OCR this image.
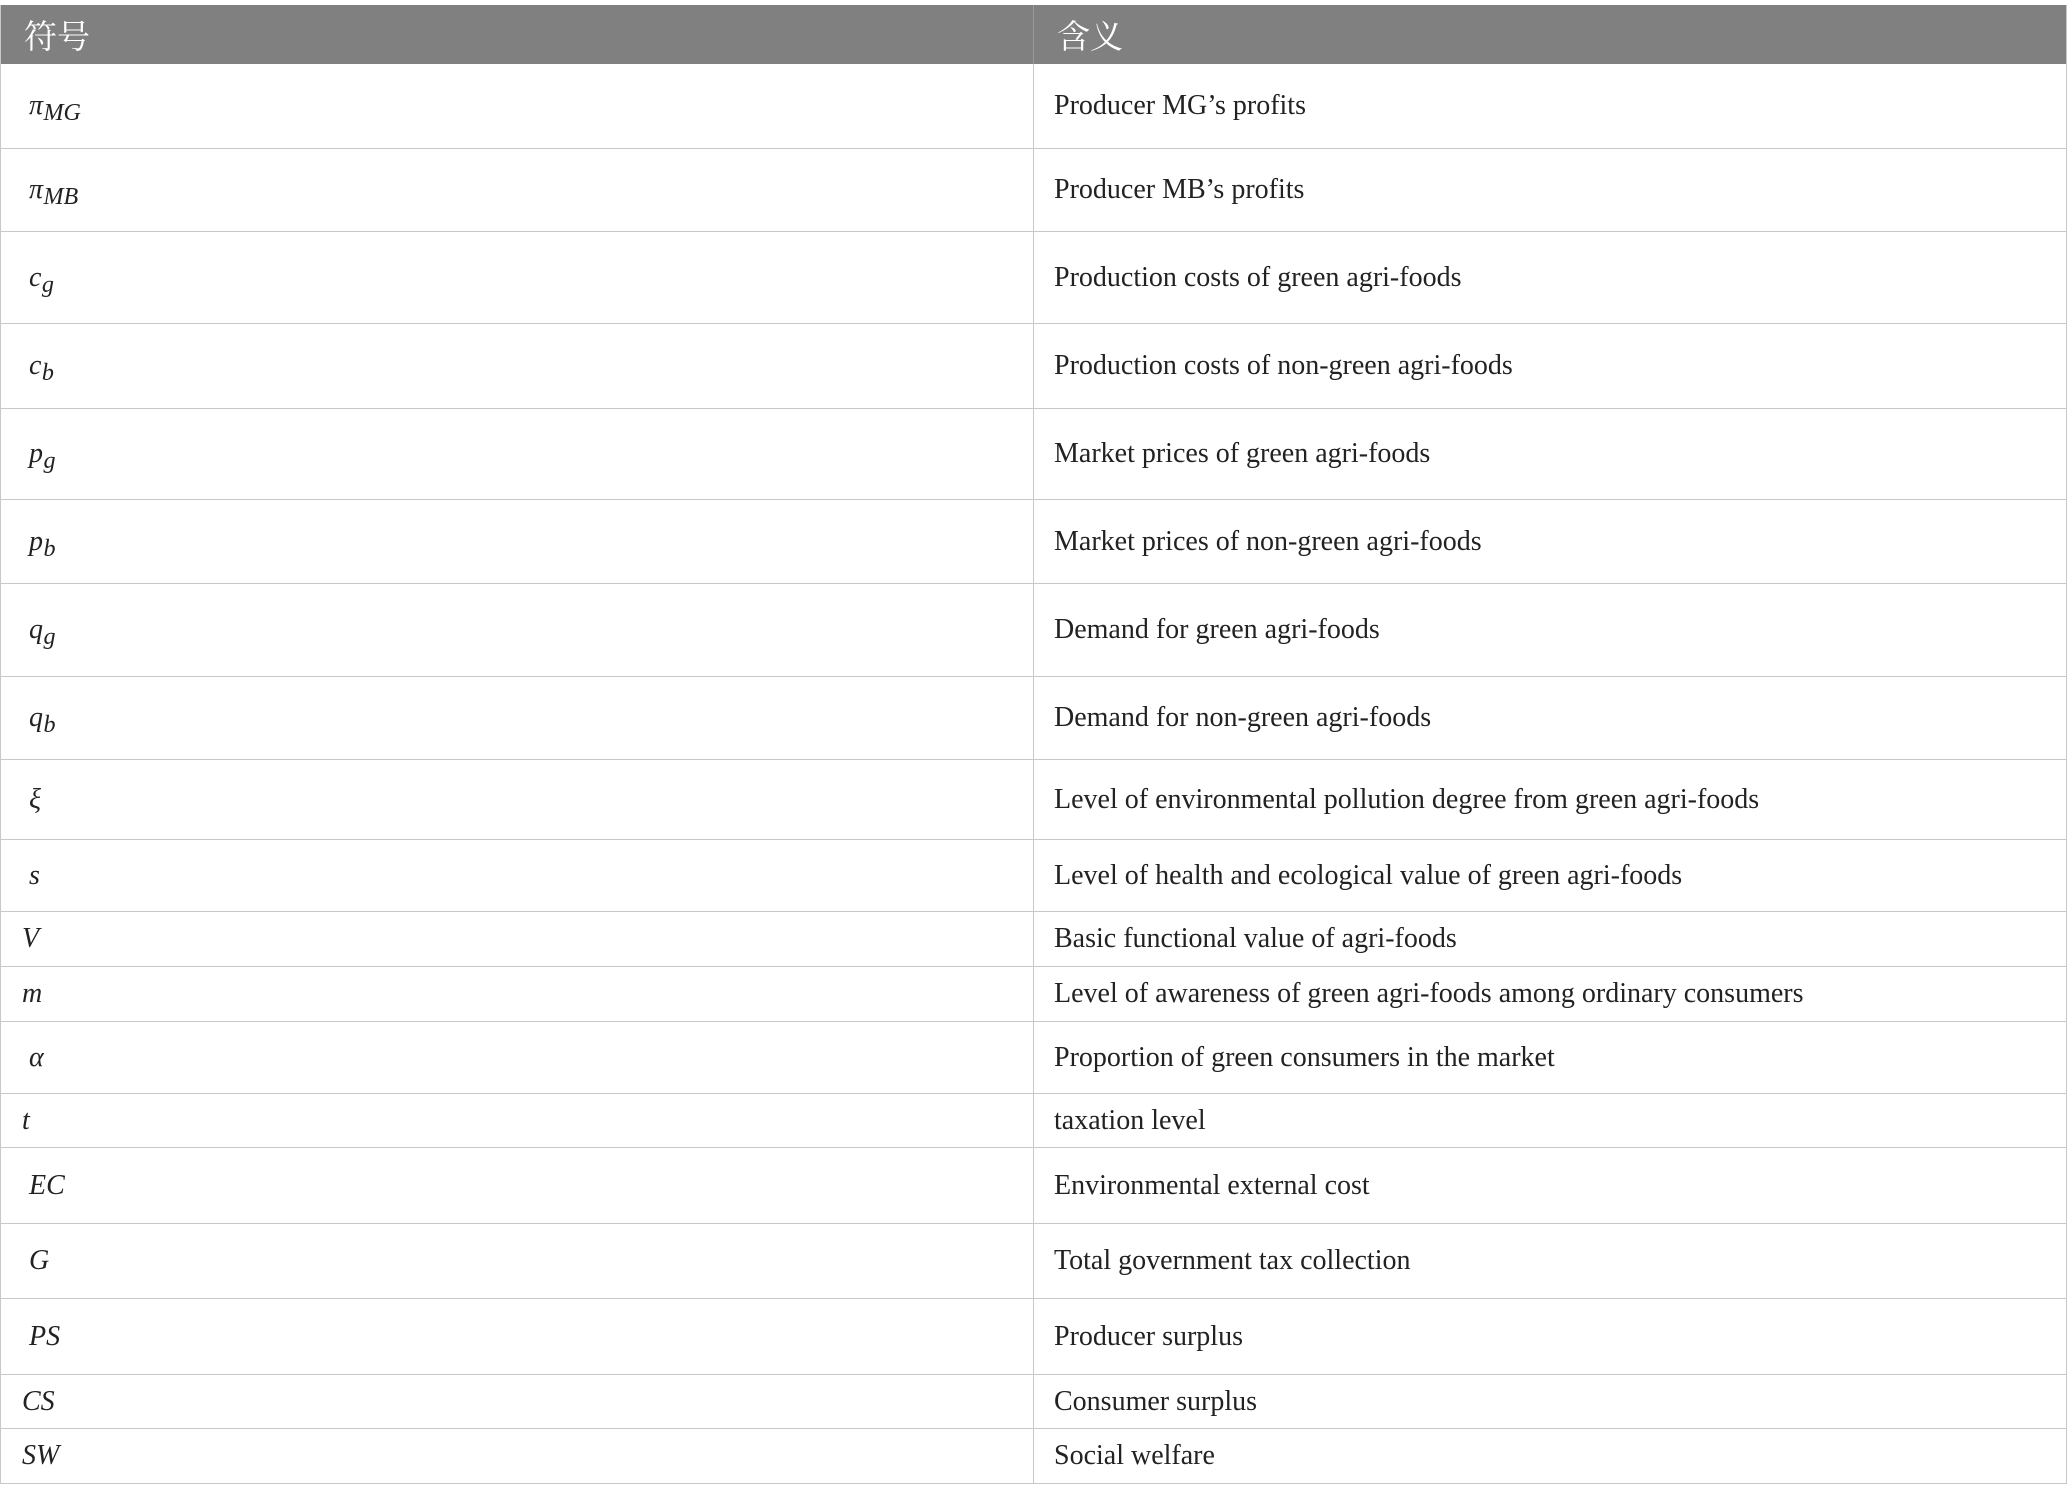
符号	含义
π MG	Producer MG’s profits
π MB	Producer MB’s profits
c g	Production costs of green agri-foods
c b	Production costs of non-green agri-foods
p g	Market prices of green agri-foods
p b	Market prices of non-green agri-foods
q g	Demand for green agri-foods
q b	Demand for non-green agri-foods
ξ	Level of environmental pollution degree from green agri-foods
s	Level of health and ecological value of green agri-foods
V	Basic functional value of agri-foods
m	Level of awareness of green agri-foods among ordinary consumers
α	Proportion of green consumers in the market
t	taxation level
EC	Environmental external cost
G	Total government tax collection
PS	Producer surplus
CS	Consumer surplus
SW	Social welfare
